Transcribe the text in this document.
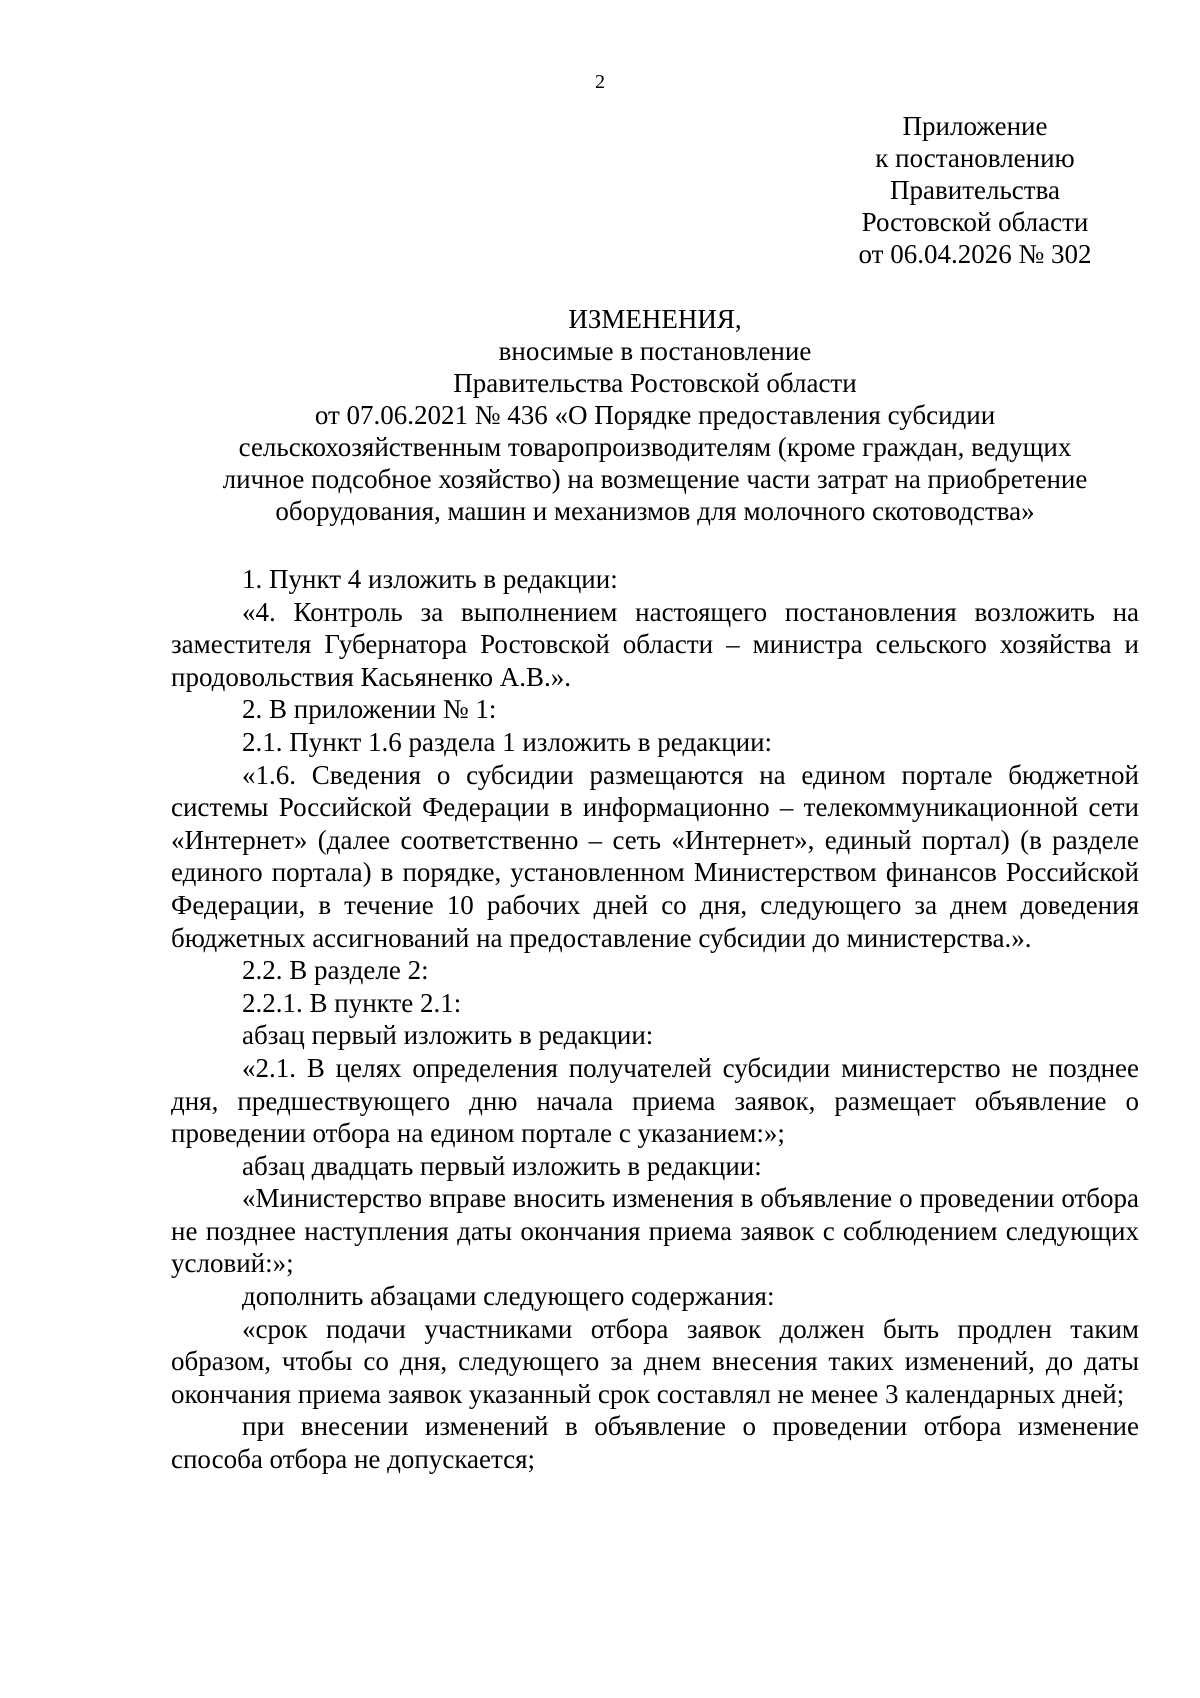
2
Приложение
к постановлению
Правительства
Ростовской области
от 06.04.2026 № 302
ИЗМЕНЕНИЯ,
вносимые в постановление
Правительства Ростовской области
от 07.06.2021 № 436 «О Порядке предоставления субсидии
сельскохозяйственным товаропроизводителям (кроме граждан, ведущих
личное подсобное хозяйство) на возмещение части затрат на приобретение
оборудования, машин и механизмов для молочного скотоводства»

1. Пункт 4 изложить в редакции:

«4. Контроль за выполнением настоящего постановления возложить на заместителя Губернатора Ростовской области – министра сельского хозяйства и продовольствия Касьяненко А.В.».

2. В приложении № 1:

2.1. Пункт 1.6 раздела 1 изложить в редакции:

«1.6. Сведения о субсидии размещаются на едином портале бюджетной системы Российской Федерации в информационно – телекоммуникационной сети «Интернет» (далее соответственно – сеть «Интернет», единый портал) (в разделе единого портала) в порядке, установленном Министерством финансов Российской Федерации, в течение 10 рабочих дней со дня, следующего за днем доведения бюджетных ассигнований на предоставление субсидии до министерства.».

2.2. В разделе 2:

2.2.1. В пункте 2.1:

абзац первый изложить в редакции:

«2.1. В целях определения получателей субсидии министерство не позднее дня, предшествующего дню начала приема заявок, размещает объявление о проведении отбора на едином портале с указанием:»;

абзац двадцать первый изложить в редакции:

«Министерство вправе вносить изменения в объявление о проведении отбора не позднее наступления даты окончания приема заявок с соблюдением следующих условий:»;

дополнить абзацами следующего содержания:

«срок подачи участниками отбора заявок должен быть продлен таким образом, чтобы со дня, следующего за днем внесения таких изменений, до даты окончания приема заявок указанный срок составлял не менее 3 календарных дней;

при внесении изменений в объявление о проведении отбора изменение способа отбора не допускается;
